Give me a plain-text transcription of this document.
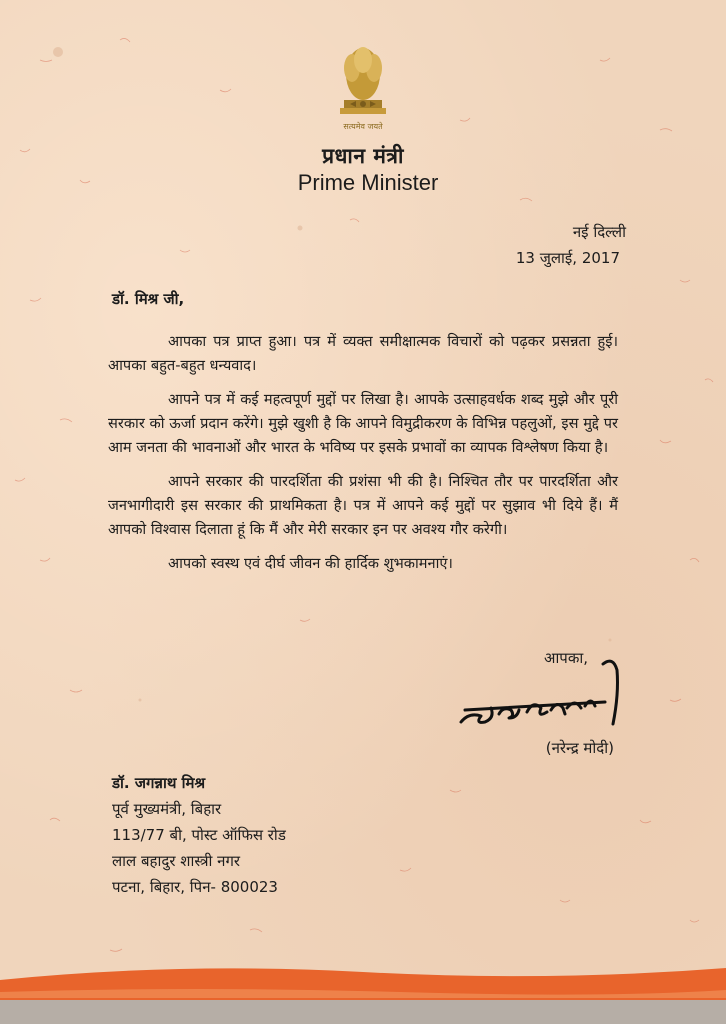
सत्यमेव जयते
प्रधान मंत्री
Prime Minister
नई दिल्ली
13 जुलाई, 2017
डॉ. मिश्र जी,

आपका पत्र प्राप्त हुआ। पत्र में व्यक्त समीक्षात्मक विचारों को पढ़कर प्रसन्नता हुई। आपका बहुत-बहुत धन्यवाद।

आपने पत्र में कई महत्वपूर्ण मुद्दों पर लिखा है। आपके उत्साहवर्धक शब्द मुझे और पूरी सरकार को ऊर्जा प्रदान करेंगे। मुझे खुशी है कि आपने विमुद्रीकरण के विभिन्न पहलुओं, इस मुद्दे पर आम जनता की भावनाओं और भारत के भविष्य पर इसके प्रभावों का व्यापक विश्लेषण किया है।

आपने सरकार की पारदर्शिता की प्रशंसा भी की है। निश्चित तौर पर पारदर्शिता और जनभागीदारी इस सरकार की प्राथमिकता है। पत्र में आपने कई मुद्दों पर सुझाव भी दिये हैं। मैं आपको विश्वास दिलाता हूं कि मैं और मेरी सरकार इन पर अवश्य गौर करेगी।

आपको स्वस्थ एवं दीर्घ जीवन की हार्दिक शुभकामनाएं।

आपका,
(नरेन्द्र मोदी)
डॉ. जगन्नाथ मिश्र
पूर्व मुख्यमंत्री, बिहार
113/77 बी, पोस्ट ऑफिस रोड
लाल बहादुर शास्त्री नगर
पटना, बिहार, पिन- 800023
